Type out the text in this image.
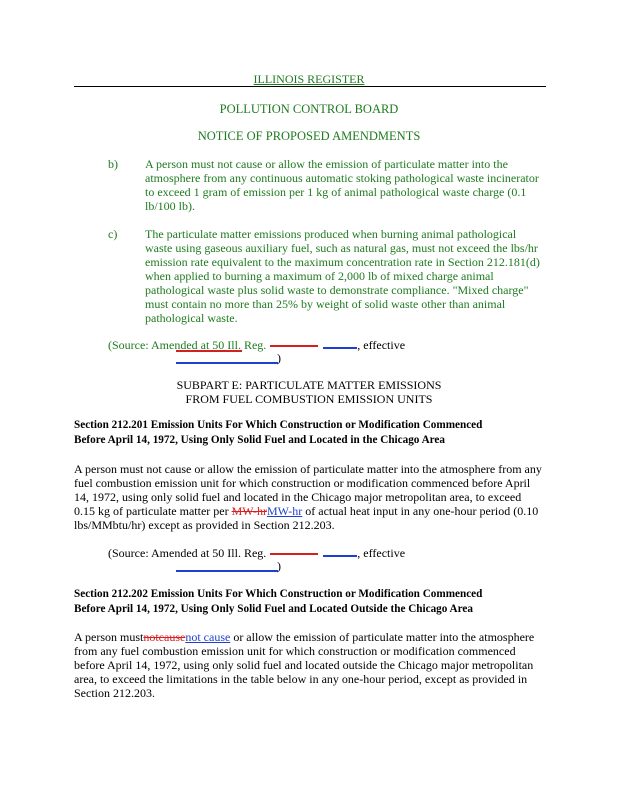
ILLINOIS REGISTER
POLLUTION CONTROL BOARD
NOTICE OF PROPOSED AMENDMENTS
b) A person must not cause or allow the emission of particulate matter into the atmosphere from any continuous automatic stoking pathological waste incinerator to exceed 1 gram of emission per 1 kg of animal pathological waste charge (0.1 lb/100 lb).
c) The particulate matter emissions produced when burning animal pathological waste using gaseous auxiliary fuel, such as natural gas, must not exceed the lbs/hr emission rate equivalent to the maximum concentration rate in Section 212.181(d) when applied to burning a maximum of 2,000 lb of mixed charge animal pathological waste plus solid waste to demonstrate compliance. "Mixed charge" must contain no more than 25% by weight of solid waste other than animal pathological waste.
(Source: Amended at 50 Ill. Reg.	, effective
)
SUBPART E: PARTICULATE MATTER EMISSIONS
FROM FUEL COMBUSTION EMISSION UNITS
Section 212.201 Emission Units For Which Construction or Modification Commenced
Before April 14, 1972, Using Only Solid Fuel and Located in the Chicago Area
A person must not cause or allow the emission of particulate matter into the atmosphere from any fuel combustion emission unit for which construction or modification commenced before April 14, 1972, using only solid fuel and located in the Chicago major metropolitan area, to exceed 0.15 kg of particulate matter per MW-hrMW-hr of actual heat input in any one-hour period (0.10 lbs/MMbtu/hr) except as provided in Section 212.203.
(Source: Amended at 50 Ill. Reg.	, effective
)
Section 212.202 Emission Units For Which Construction or Modification Commenced
Before April 14, 1972, Using Only Solid Fuel and Located Outside the Chicago Area
A person mustnotcausenot cause or allow the emission of particulate matter into the atmosphere from any fuel combustion emission unit for which construction or modification commenced before April 14, 1972, using only solid fuel and located outside the Chicago major metropolitan area, to exceed the limitations in the table below in any one-hour period, except as provided in Section 212.203.
